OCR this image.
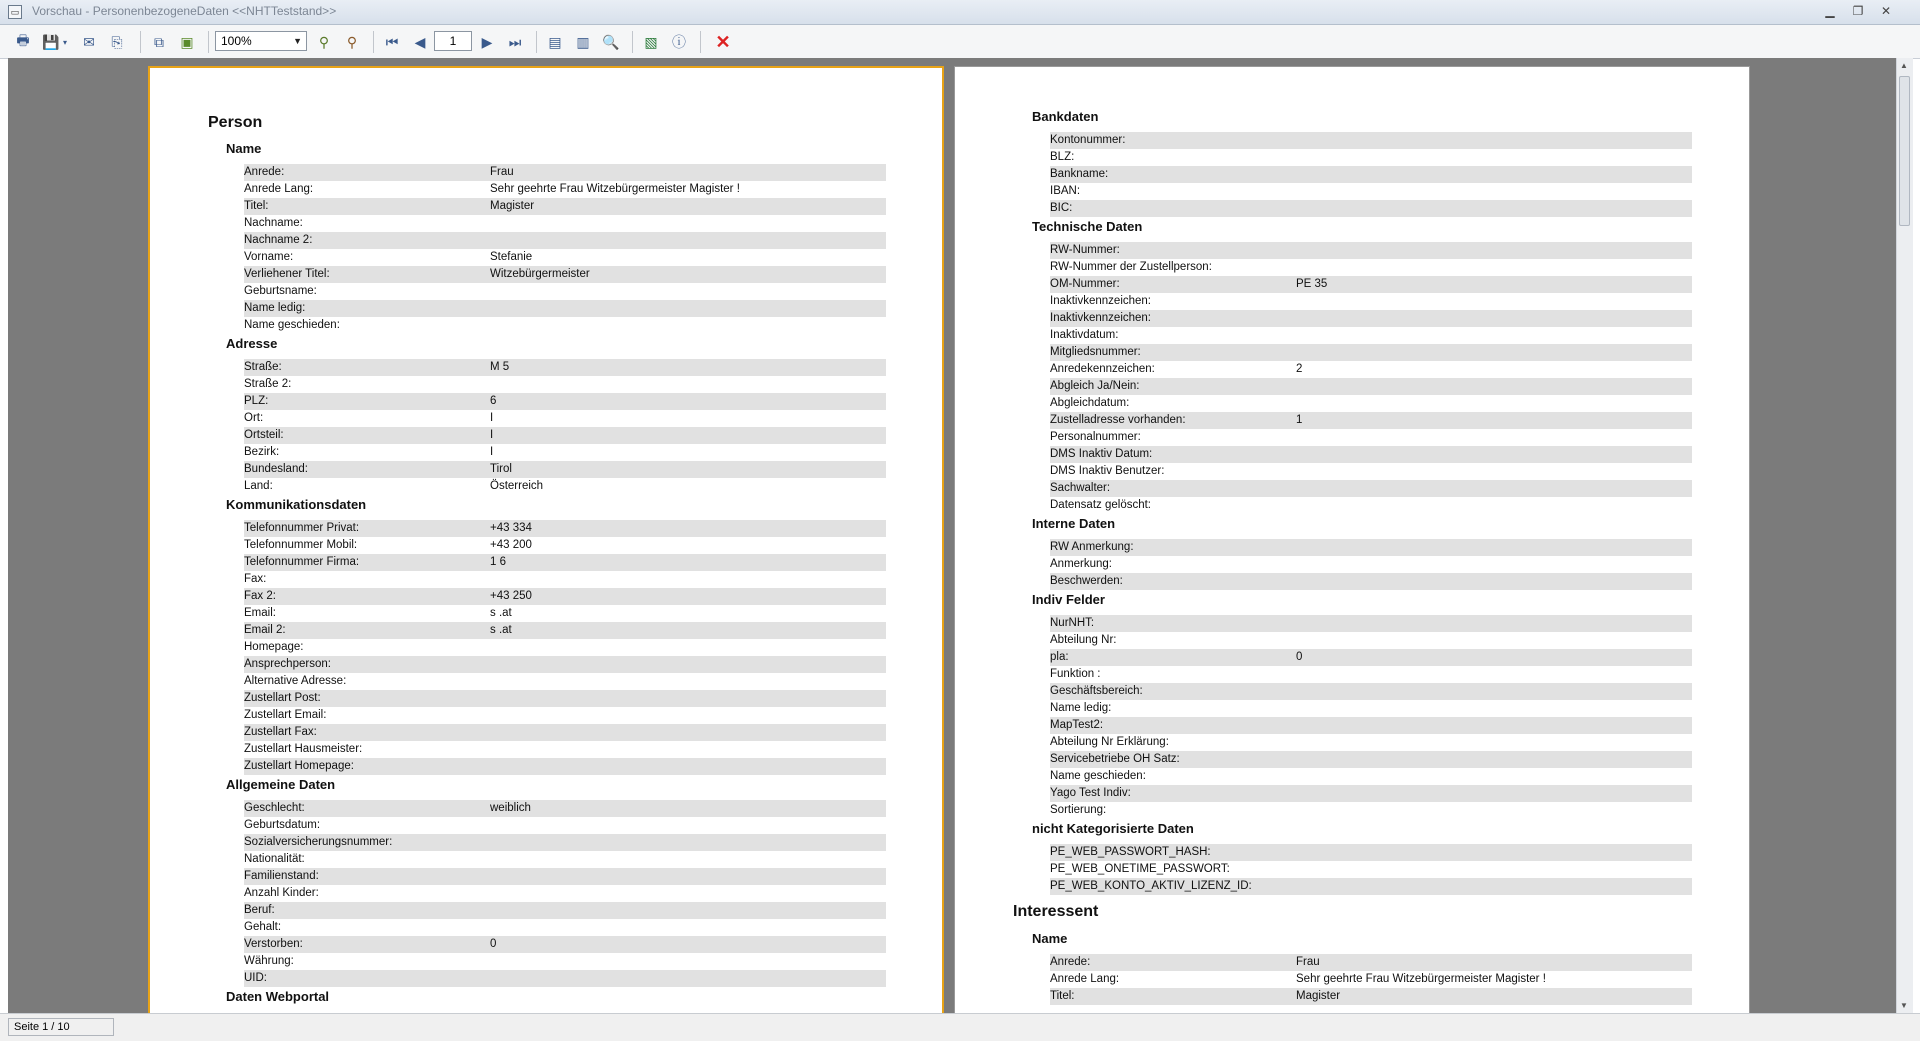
▭ Vorschau - PersonenbezogeneDaten <<NHTTeststand>>	▁	❐	✕
🖶 💾 ▾	✉	⎘	⧉	▣	100%	▼	⚲	⚲	⏮	◀	1	▶	⏭	▤	▥ 🔍	▧	ⓘ ✕
Person
Name
Anrede:	Frau
Anrede Lang:	Sehr geehrte Frau Witzebürgermeister Magister !
Titel:	Magister
Nachname:
Nachname 2:
Vorname:	Stefanie
Verliehener Titel:	Witzebürgermeister
Geburtsname:
Name ledig:
Name geschieden:
Adresse
Straße:	M 5
Straße 2:
PLZ:	6
Ort:	I
Ortsteil:	I
Bezirk:	I
Bundesland:	Tirol
Land:	Österreich
Kommunikationsdaten
Telefonnummer Privat:	+43 334
Telefonnummer Mobil:	+43 200
Telefonnummer Firma:	1 6
Fax:
Fax 2:	+43 250
Email:	s .at
Email 2:	s .at
Homepage:
Ansprechperson:
Alternative Adresse:
Zustellart Post:
Zustellart Email:
Zustellart Fax:
Zustellart Hausmeister:
Zustellart Homepage:
Allgemeine Daten
Geschlecht:	weiblich
Geburtsdatum:
Sozialversicherungsnummer:
Nationalität:
Familienstand:
Anzahl Kinder:
Beruf:
Gehalt:
Verstorben:	0
Währung:
UID:
Daten Webportal
Bankdaten
Kontonummer:
BLZ:
Bankname:
IBAN:
BIC:
Technische Daten
RW-Nummer:
RW-Nummer der Zustellperson:
OM-Nummer:	PE 35
Inaktivkennzeichen:
Inaktivkennzeichen:
Inaktivdatum:
Mitgliedsnummer:
Anredekennzeichen:	2
Abgleich Ja/Nein:
Abgleichdatum:
Zustelladresse vorhanden:	1
Personalnummer:
DMS Inaktiv Datum:
DMS Inaktiv Benutzer:
Sachwalter:
Datensatz gelöscht:
Interne Daten
RW Anmerkung:
Anmerkung:
Beschwerden:
Indiv Felder
NurNHT:
Abteilung Nr:
pla:	0
Funktion :
Geschäftsbereich:
Name ledig:
MapTest2:
Abteilung Nr Erklärung:
Servicebetriebe OH Satz:
Name geschieden:
Yago Test Indiv:
Sortierung:
nicht Kategorisierte Daten
PE_WEB_PASSWORT_HASH:
PE_WEB_ONETIME_PASSWORT:
PE_WEB_KONTO_AKTIV_LIZENZ_ID:
Interessent
Name
Anrede:	Frau
Anrede Lang:	Sehr geehrte Frau Witzebürgermeister Magister !
Titel:	Magister
▲
▼
Seite 1 / 10
